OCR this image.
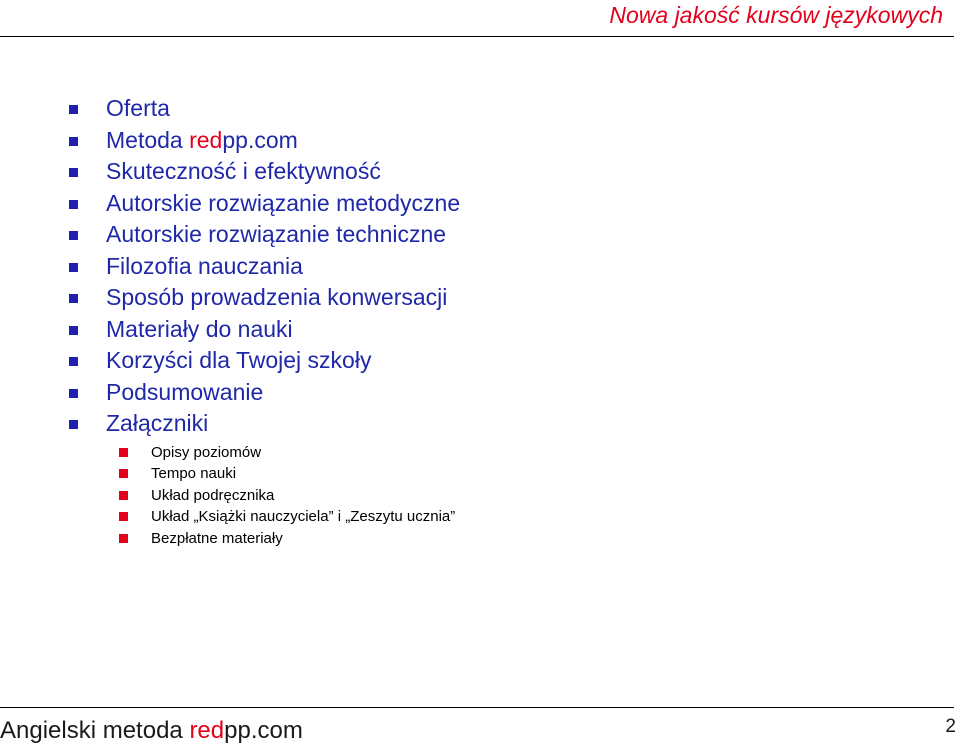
Nowa jakość kursów językowych
Oferta
Metoda redpp.com
Skuteczność i efektywność
Autorskie rozwiązanie metodyczne
Autorskie rozwiązanie techniczne
Filozofia nauczania
Sposób prowadzenia konwersacji
Materiały do nauki
Korzyści dla Twojej szkoły
Podsumowanie
Załączniki
Opisy poziomów
Tempo nauki
Układ podręcznika
Układ „Książki nauczyciela” i „Zeszytu ucznia”
Bezpłatne materiały
Angielski metoda redpp.com	2
